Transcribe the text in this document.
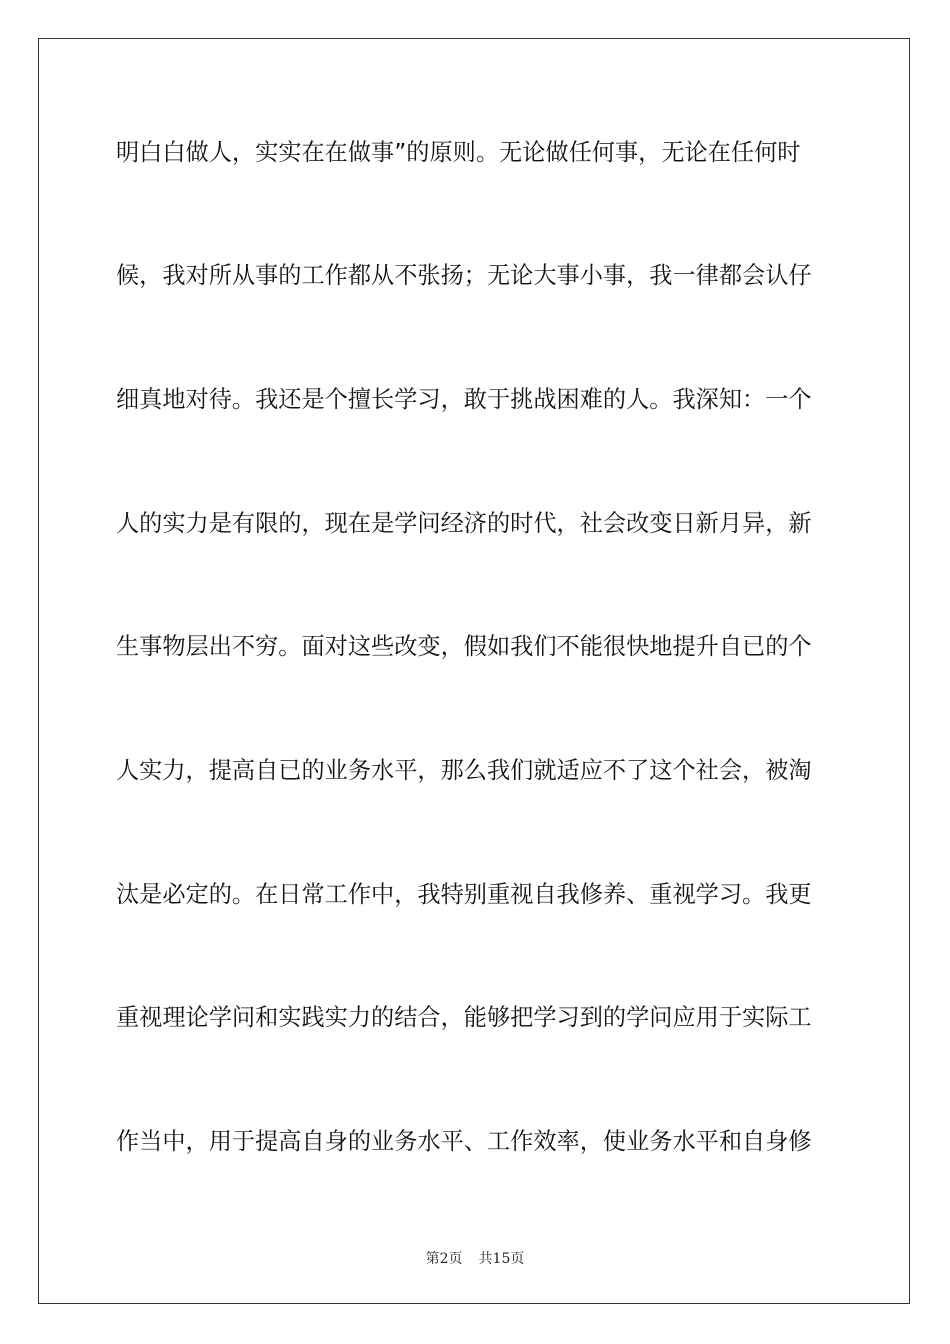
明白白做人，实实在在做事”的原则。无论做任何事，无论在任何时
候，我对所从事的工作都从不张扬；无论大事小事，我一律都会认仔
细真地对待。我还是个擅长学习，敢于挑战困难的人。我深知：一个
人的实力是有限的，现在是学问经济的时代，社会改变日新月异，新
生事物层出不穷。面对这些改变，假如我们不能很快地提升自已的个
人实力，提高自已的业务水平，那么我们就适应不了这个社会，被淘
汰是必定的。在日常工作中，我特别重视自我修养、重视学习。我更
重视理论学问和实践实力的结合，能够把学习到的学问应用于实际工
作当中，用于提高自身的业务水平、工作效率，使业务水平和自身修
第2页 共15页
